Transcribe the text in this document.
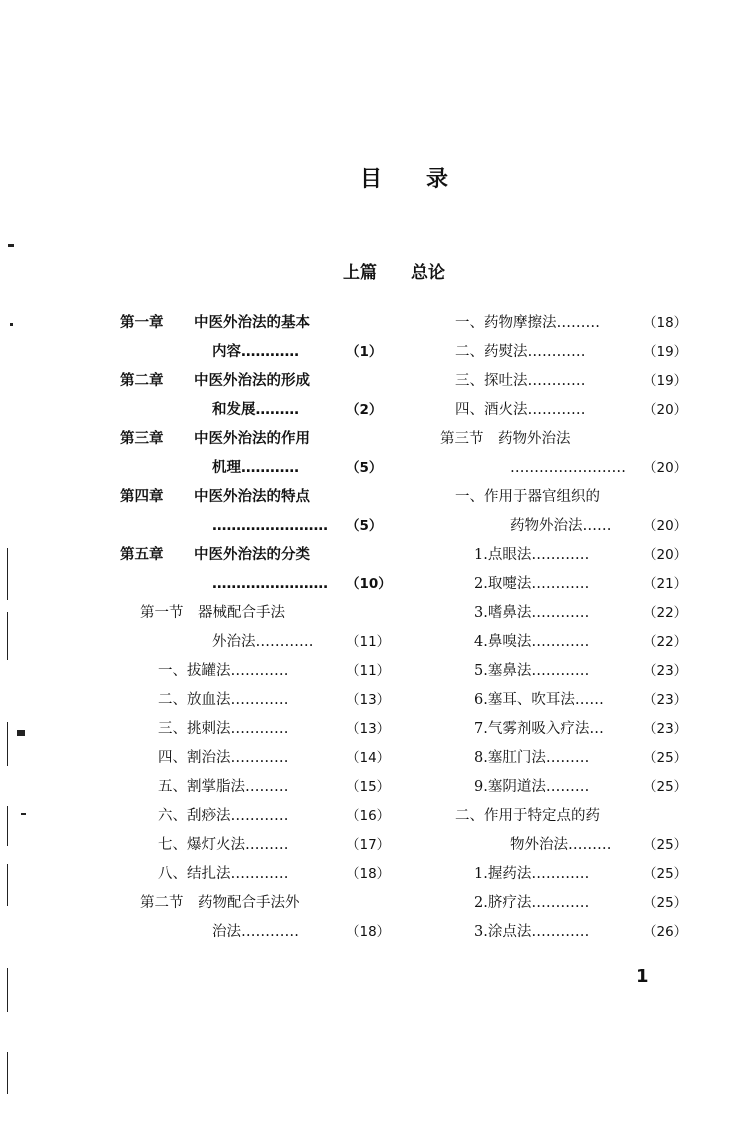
目　　录
上篇　　总论
第一章 中医外治法的基本
内容…………	（1）
第二章 中医外治法的形成
和发展………	（2）
第三章 中医外治法的作用
机理…………	（5）
第四章 中医外治法的特点
…………………… （5）
第五章 中医外治法的分类
…………………… （10）
第一节　器械配合手法
外治法………… （11）
一、拔罐法…………	（11）
二、放血法…………	（13）
三、挑刺法…………	（13）
四、割治法…………	（14）
五、割掌脂法………	（15）
六、刮痧法…………	（16）
七、爆灯火法………	（17）
八、结扎法…………	（18）
第二节　药物配合手法外
治法…………	（18）
一、药物摩擦法………	（18）
二、药熨法…………	（19）
三、探吐法…………	（19）
四、酒火法…………	（20）
第三节　药物外治法
…………………… （20）
一、作用于器官组织的
药物外治法…… （20）
1.点眼法…………	（20）
2.取嚏法…………	（21）
3.嗜鼻法…………	（22）
4.鼻嗅法…………	（22）
5.塞鼻法…………	（23）
6.塞耳、吹耳法……	（23）
7.气雾剂吸入疗法…	（23）
8.塞肛门法………	（25）
9.塞阴道法………	（25）
二、作用于特定点的药
物外治法……… （25）
1.握药法…………	（25）
2.脐疗法…………	（25）
3.涂点法…………	（26）
1
